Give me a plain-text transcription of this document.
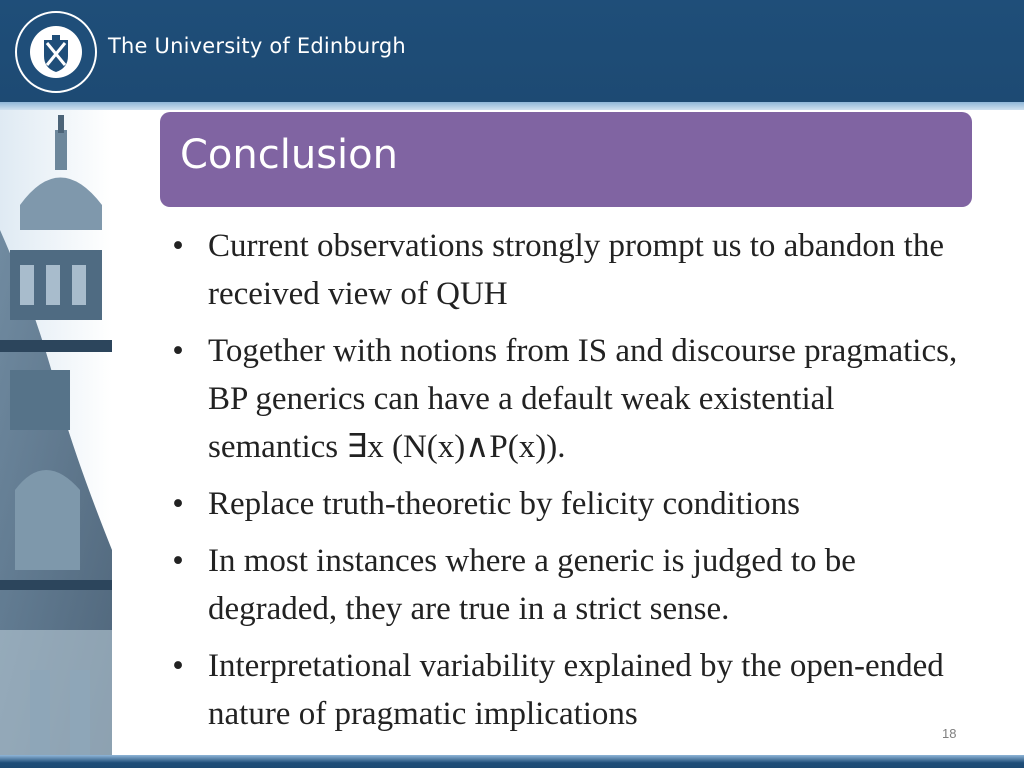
The University of Edinburgh
Conclusion
• Current observations strongly prompt us to abandon the received view of QUH
• Together with notions from IS and discourse pragmatics, BP generics can have a default weak existential semantics ∃x (N(x)∧P(x)).
• Replace truth-theoretic by felicity conditions
• In most instances where a generic is judged to be degraded, they are true in a strict sense.
• Interpretational variability explained by the open-ended nature of pragmatic implications
18
